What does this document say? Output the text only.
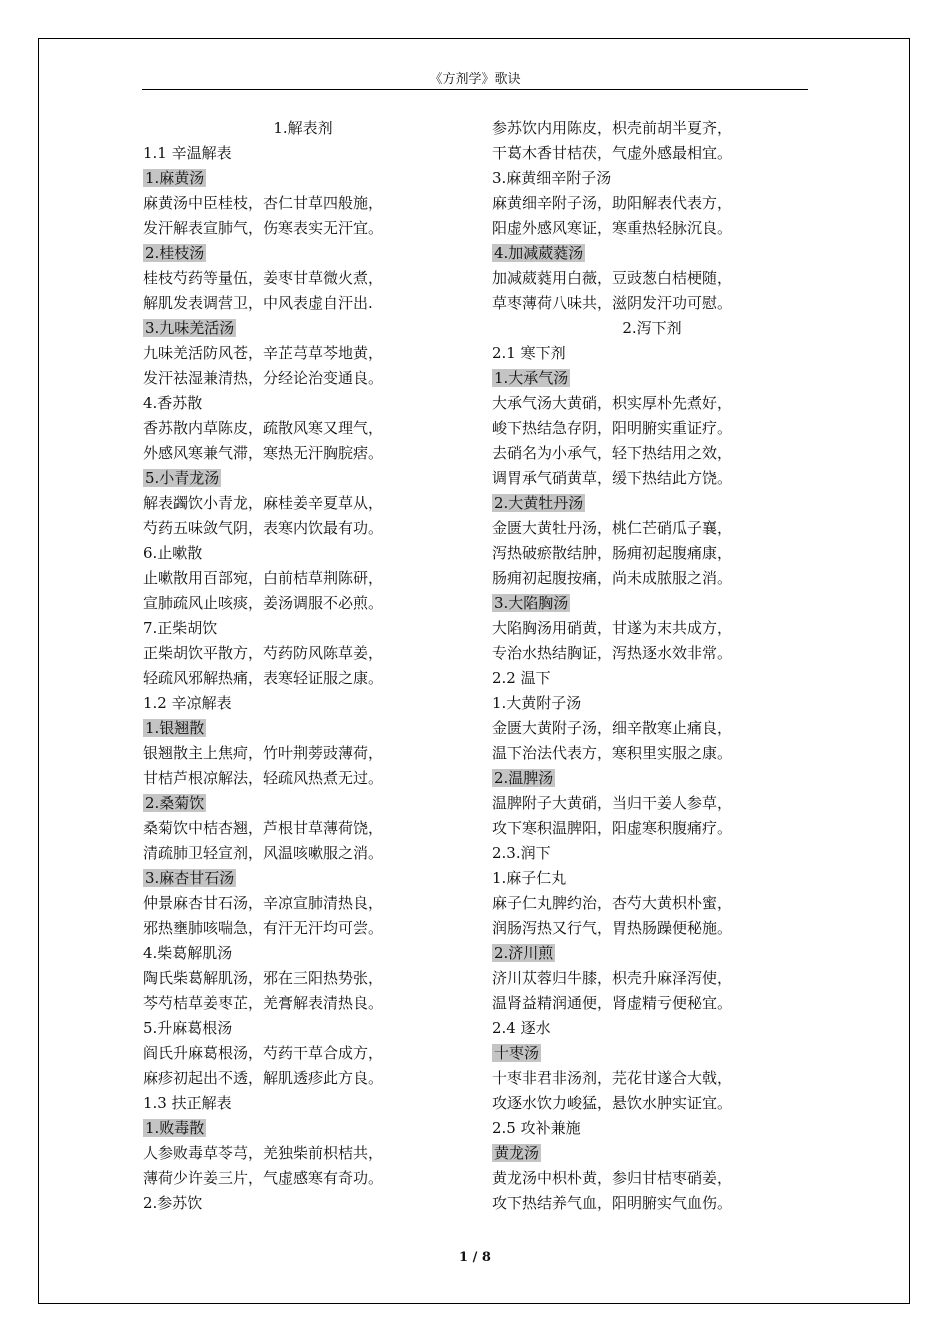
《方剂学》歌诀
1.解表剂
1.1 辛温解表
1.麻黄汤
麻黄汤中臣桂枝，杏仁甘草四般施，
发汗解表宣肺气，伤寒表实无汗宜。
2.桂枝汤
桂枝芍药等量伍，姜枣甘草微火煮，
解肌发表调营卫，中风表虚自汗出.
3.九味羌活汤
九味羌活防风苍，辛芷芎草芩地黄，
发汗祛湿兼清热，分经论治变通良。
4.香苏散
香苏散内草陈皮，疏散风寒又理气，
外感风寒兼气滞，寒热无汗胸脘痞。
5.小青龙汤
解表蠲饮小青龙，麻桂姜辛夏草从，
芍药五味敛气阴，表寒内饮最有功。
6.止嗽散
止嗽散用百部宛，白前桔草荆陈研，
宣肺疏风止咳痰，姜汤调服不必煎。
7.正柴胡饮
正柴胡饮平散方，芍药防风陈草姜，
轻疏风邪解热痛，表寒轻证服之康。
1.2 辛凉解表
1.银翘散
银翘散主上焦疴，竹叶荆蒡豉薄荷，
甘桔芦根凉解法，轻疏风热煮无过。
2.桑菊饮
桑菊饮中桔杏翘，芦根甘草薄荷饶，
清疏肺卫轻宣剂，风温咳嗽服之消。
3.麻杏甘石汤
仲景麻杏甘石汤，辛凉宣肺清热良，
邪热壅肺咳喘急，有汗无汗均可尝。
4.柴葛解肌汤
陶氏柴葛解肌汤，邪在三阳热势张，
芩芍桔草姜枣芷，羌膏解表清热良。
5.升麻葛根汤
阎氏升麻葛根汤，芍药干草合成方，
麻疹初起出不透，解肌透疹此方良。
1.3 扶正解表
1.败毒散
人参败毒草苓芎，羌独柴前枳桔共，
薄荷少许姜三片，气虚感寒有奇功。
2.参苏饮
参苏饮内用陈皮，枳壳前胡半夏齐，
干葛木香甘桔茯，气虚外感最相宜。
3.麻黄细辛附子汤
麻黄细辛附子汤，助阳解表代表方，
阳虚外感风寒证，寒重热轻脉沉良。
4.加减葳蕤汤
加减葳蕤用白薇，豆豉葱白桔梗随，
草枣薄荷八味共，滋阴发汗功可慰。
2.泻下剂
2.1 寒下剂
1.大承气汤
大承气汤大黄硝，枳实厚朴先煮好，
峻下热结急存阴，阳明腑实重证疗。
去硝名为小承气，轻下热结用之效，
调胃承气硝黄草，缓下热结此方饶。
2.大黄牡丹汤
金匮大黄牡丹汤，桃仁芒硝瓜子襄，
泻热破瘀散结肿，肠痈初起腹痛康，
肠痈初起腹按痛，尚未成脓服之消。
3.大陷胸汤
大陷胸汤用硝黄，甘遂为末共成方，
专治水热结胸证，泻热逐水效非常。
2.2 温下
1.大黄附子汤
金匮大黄附子汤，细辛散寒止痛良，
温下治法代表方，寒积里实服之康。
2.温脾汤
温脾附子大黄硝，当归干姜人参草，
攻下寒积温脾阳，阳虚寒积腹痛疗。
2.3.润下
1.麻子仁丸
麻子仁丸脾约治，杏芍大黄枳朴蜜，
润肠泻热又行气，胃热肠躁便秘施。
2.济川煎
济川苁蓉归牛膝，枳壳升麻泽泻使，
温肾益精润通便，肾虚精亏便秘宜。
2.4 逐水
十枣汤
十枣非君非汤剂，芫花甘遂合大戟，
攻逐水饮力峻猛，悬饮水肿实证宜。
2.5 攻补兼施
黄龙汤
黄龙汤中枳朴黄，参归甘桔枣硝姜，
攻下热结养气血，阳明腑实气血伤。
1 / 8
